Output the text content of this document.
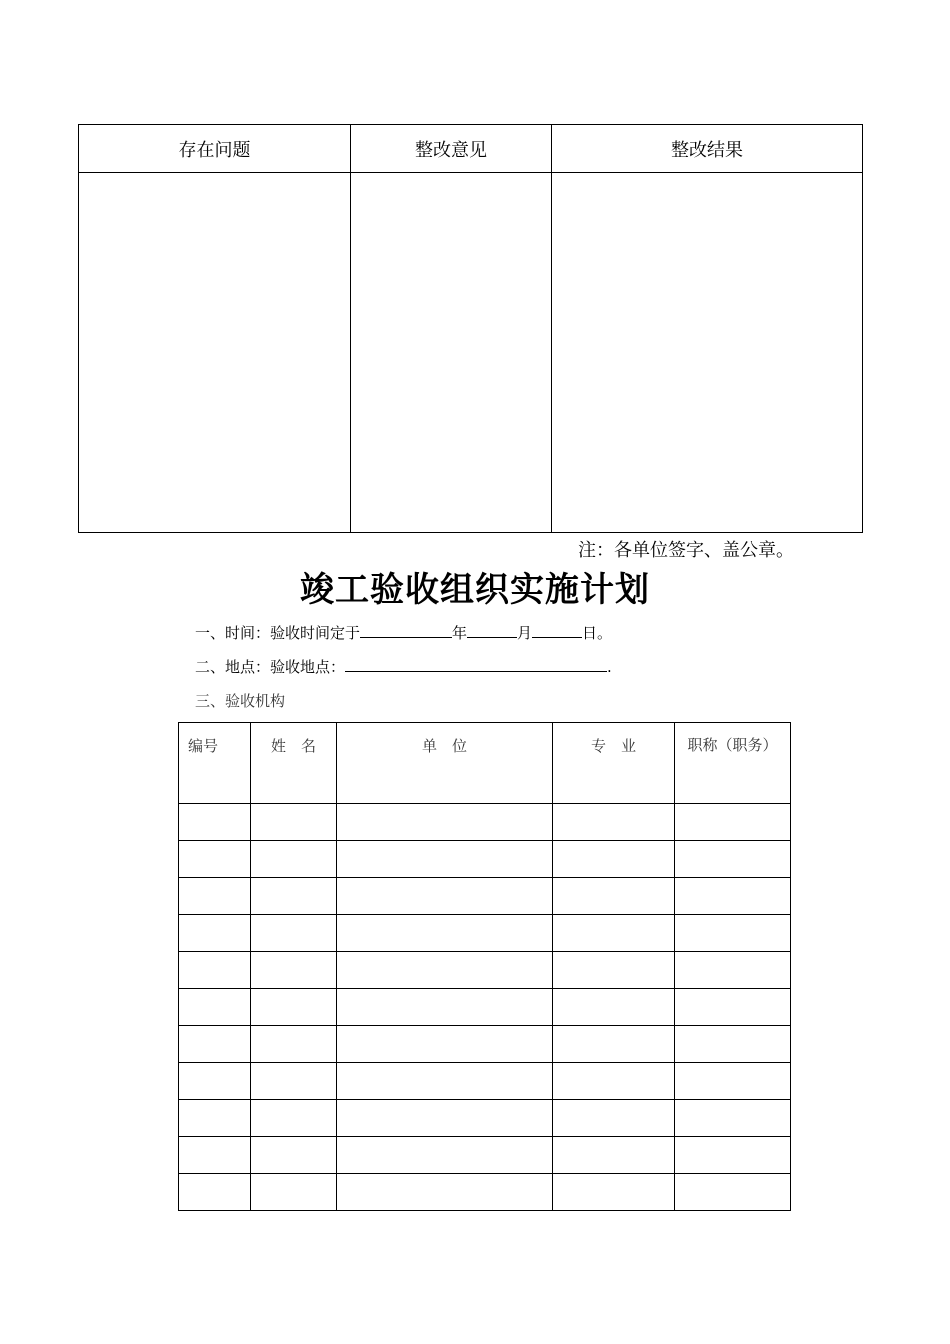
存在问题	整改意见	整改结果

注：各单位签字、盖公章。
竣工验收组织实施计划
一、时间：验收时间定于	年	月	日。
二、地点：验收地点：	.
三、验收机构
编号	姓　名	单　位	专　业	职称（职务）
